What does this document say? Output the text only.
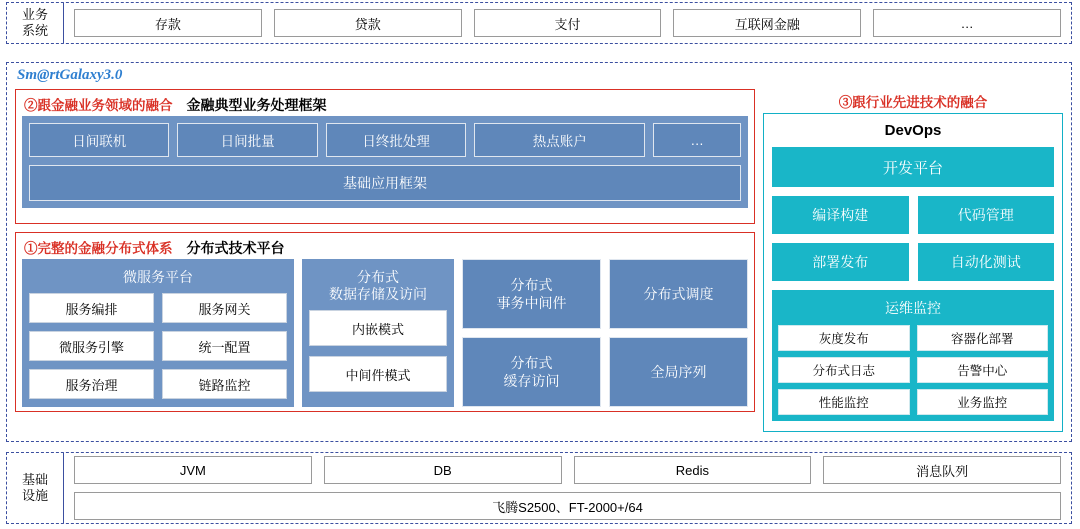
业务
系统	存款	贷款	支付	互联网金融	…
Sm@rtGalaxy3.0
②跟金融业务领域的融合 金融典型业务处理框架
日间联机	日间批量	日终批处理	热点账户	…
基础应用框架
①完整的金融分布式体系 分布式技术平台
微服务平台
服务编排	服务网关
微服务引擎	统一配置
服务治理	链路监控
分布式
数据存储及访问
内嵌模式
中间件模式
分布式
事务中间件
分布式
缓存访问
分布式调度
全局序列
③跟行业先进技术的融合
DevOps
开发平台
编译构建	代码管理
部署发布	自动化测试
运维监控
灰度发布	容器化部署
分布式日志	告警中心
性能监控	业务监控
基础
设施
JVM	DB	Redis	消息队列
飞腾S2500、FT-2000+/64
